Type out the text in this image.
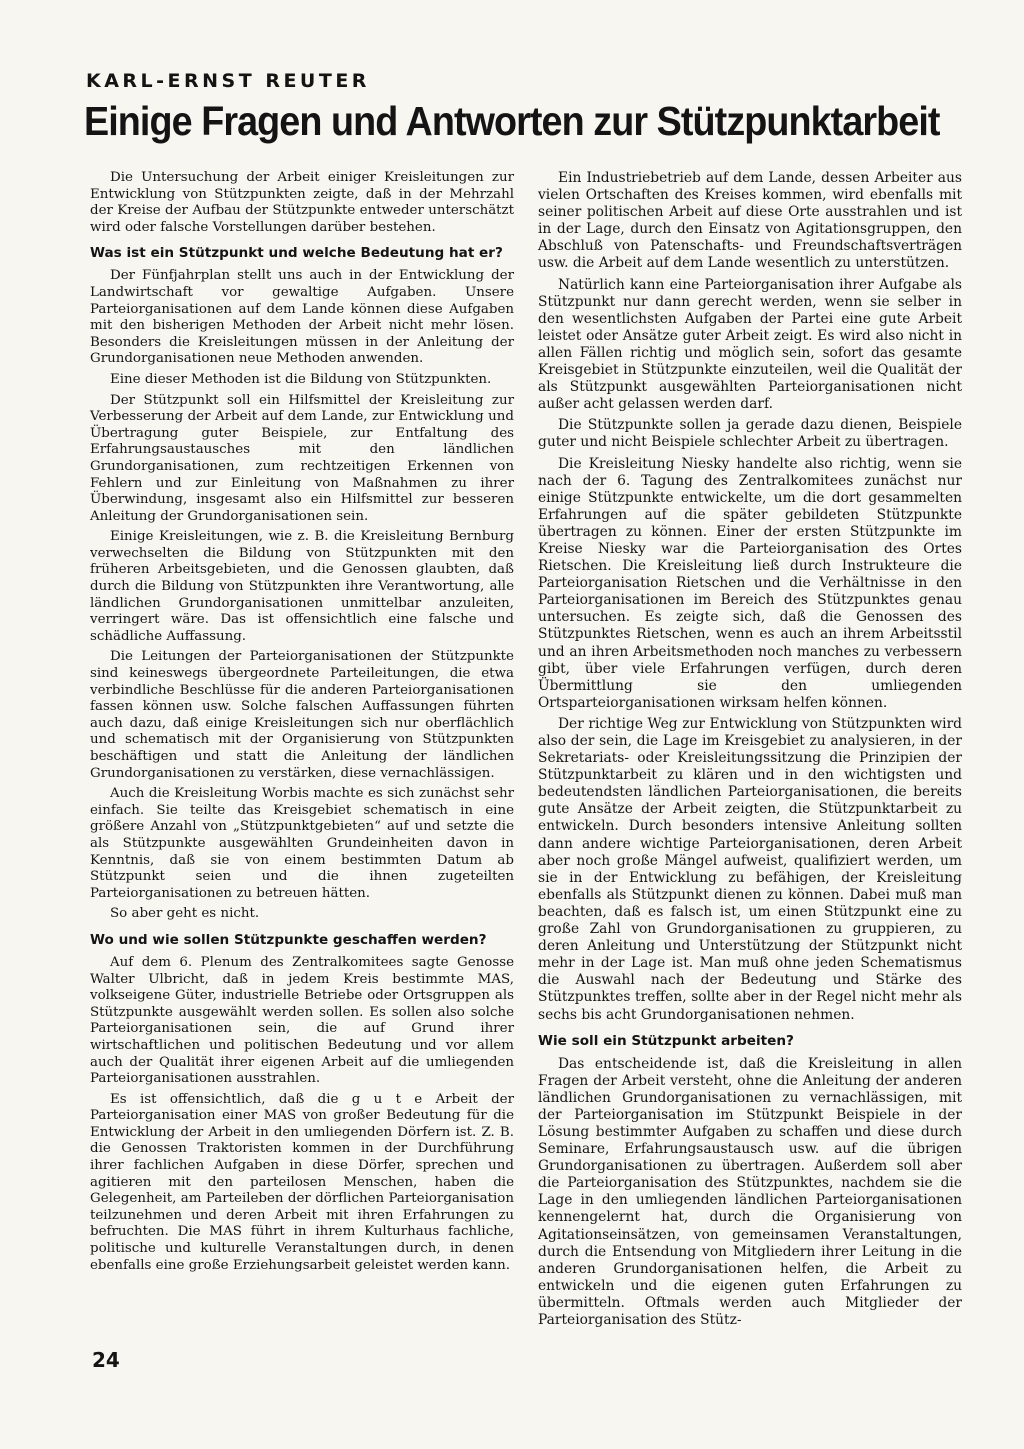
KARL-ERNST REUTER

Einige Fragen und Antworten zur Stützpunktarbeit

Die Untersuchung der Arbeit einiger Kreisleitungen zur Entwicklung von Stützpunkten zeigte, daß in der Mehrzahl der Kreise der Aufbau der Stützpunkte entweder unterschätzt wird oder falsche Vorstellungen darüber bestehen.

Was ist ein Stützpunkt und welche Bedeutung hat er?

Der Fünfjahrplan stellt uns auch in der Entwicklung der Landwirtschaft vor gewaltige Aufgaben. Unsere Parteiorganisationen auf dem Lande können diese Aufgaben mit den bisherigen Methoden der Arbeit nicht mehr lösen. Besonders die Kreisleitungen müssen in der Anleitung der Grundorganisationen neue Methoden anwenden.

Eine dieser Methoden ist die Bildung von Stützpunkten.

Der Stützpunkt soll ein Hilfsmittel der Kreisleitung zur Verbesserung der Arbeit auf dem Lande, zur Entwicklung und Übertragung guter Beispiele, zur Entfaltung des Erfahrungsaustausches mit den ländlichen Grundorganisationen, zum rechtzeitigen Erkennen von Fehlern und zur Einleitung von Maßnahmen zu ihrer Überwindung, insgesamt also ein Hilfsmittel zur besseren Anleitung der Grundorganisationen sein.

Einige Kreisleitungen, wie z. B. die Kreisleitung Bernburg verwechselten die Bildung von Stützpunkten mit den früheren Arbeitsgebieten, und die Genossen glaubten, daß durch die Bildung von Stützpunkten ihre Verantwortung, alle ländlichen Grundorganisationen unmittelbar anzuleiten, verringert wäre. Das ist offensichtlich eine falsche und schädliche Auffassung.

Die Leitungen der Parteiorganisationen der Stützpunkte sind keineswegs übergeordnete Parteileitungen, die etwa verbindliche Beschlüsse für die anderen Parteiorganisationen fassen können usw. Solche falschen Auffassungen führten auch dazu, daß einige Kreisleitungen sich nur oberflächlich und schematisch mit der Organisierung von Stützpunkten beschäftigen und statt die Anleitung der ländlichen Grundorganisationen zu verstärken, diese vernachlässigen.

Auch die Kreisleitung Worbis machte es sich zunächst sehr einfach. Sie teilte das Kreisgebiet schematisch in eine größere Anzahl von „Stützpunktgebieten“ auf und setzte die als Stützpunkte ausgewählten Grundeinheiten davon in Kenntnis, daß sie von einem bestimmten Datum ab Stützpunkt seien und die ihnen zugeteilten Parteiorganisationen zu betreuen hätten.

So aber geht es nicht.

Wo und wie sollen Stützpunkte geschaffen werden?

Auf dem 6. Plenum des Zentralkomitees sagte Genosse Walter Ulbricht, daß in jedem Kreis bestimmte MAS, volkseigene Güter, industrielle Betriebe oder Ortsgruppen als Stützpunkte ausgewählt werden sollen. Es sollen also solche Parteiorganisationen sein, die auf Grund ihrer wirtschaftlichen und politischen Bedeutung und vor allem auch der Qualität ihrer eigenen Arbeit auf die umliegenden Parteiorganisationen ausstrahlen.

Es ist offensichtlich, daß die g u t e Arbeit der Parteiorganisation einer MAS von großer Bedeutung für die Entwicklung der Arbeit in den umliegenden Dörfern ist. Z. B. die Genossen Traktoristen kommen in der Durchführung ihrer fachlichen Aufgaben in diese Dörfer, sprechen und agitieren mit den parteilosen Menschen, haben die Gelegenheit, am Parteileben der dörflichen Parteiorganisation teilzunehmen und deren Arbeit mit ihren Erfahrungen zu befruchten. Die MAS führt in ihrem Kulturhaus fachliche, politische und kulturelle Veranstaltungen durch, in denen ebenfalls eine große Erziehungsarbeit geleistet werden kann.

Ein Industriebetrieb auf dem Lande, dessen Arbeiter aus vielen Ortschaften des Kreises kommen, wird ebenfalls mit seiner politischen Arbeit auf diese Orte ausstrahlen und ist in der Lage, durch den Einsatz von Agitationsgruppen, den Abschluß von Patenschafts- und Freundschaftsverträgen usw. die Arbeit auf dem Lande wesentlich zu unterstützen.

Natürlich kann eine Parteiorganisation ihrer Aufgabe als Stützpunkt nur dann gerecht werden, wenn sie selber in den wesentlichsten Aufgaben der Partei eine gute Arbeit leistet oder Ansätze guter Arbeit zeigt. Es wird also nicht in allen Fällen richtig und möglich sein, sofort das gesamte Kreisgebiet in Stützpunkte einzuteilen, weil die Qualität der als Stützpunkt ausgewählten Parteiorganisationen nicht außer acht gelassen werden darf.

Die Stützpunkte sollen ja gerade dazu dienen, Beispiele guter und nicht Beispiele schlechter Arbeit zu übertragen.

Die Kreisleitung Niesky handelte also richtig, wenn sie nach der 6. Tagung des Zentralkomitees zunächst nur einige Stützpunkte entwickelte, um die dort gesammelten Erfahrungen auf die später gebildeten Stützpunkte übertragen zu können. Einer der ersten Stützpunkte im Kreise Niesky war die Parteiorganisation des Ortes Rietschen. Die Kreisleitung ließ durch Instrukteure die Parteiorganisation Rietschen und die Verhältnisse in den Parteiorganisationen im Bereich des Stützpunktes genau untersuchen. Es zeigte sich, daß die Genossen des Stützpunktes Rietschen, wenn es auch an ihrem Arbeitsstil und an ihren Arbeitsmethoden noch manches zu verbessern gibt, über viele Erfahrungen verfügen, durch deren Übermittlung sie den umliegenden Ortsparteiorganisationen wirksam helfen können.

Der richtige Weg zur Entwicklung von Stützpunkten wird also der sein, die Lage im Kreisgebiet zu analysieren, in der Sekretariats- oder Kreisleitungssitzung die Prinzipien der Stützpunktarbeit zu klären und in den wichtigsten und bedeutendsten ländlichen Parteiorganisationen, die bereits gute Ansätze der Arbeit zeigten, die Stützpunktarbeit zu entwickeln. Durch besonders intensive Anleitung sollten dann andere wichtige Parteiorganisationen, deren Arbeit aber noch große Mängel aufweist, qualifiziert werden, um sie in der Entwicklung zu befähigen, der Kreisleitung ebenfalls als Stützpunkt dienen zu können. Dabei muß man beachten, daß es falsch ist, um einen Stützpunkt eine zu große Zahl von Grundorganisationen zu gruppieren, zu deren Anleitung und Unterstützung der Stützpunkt nicht mehr in der Lage ist. Man muß ohne jeden Schematismus die Auswahl nach der Bedeutung und Stärke des Stützpunktes treffen, sollte aber in der Regel nicht mehr als sechs bis acht Grundorganisationen nehmen.

Wie soll ein Stützpunkt arbeiten?

Das entscheidende ist, daß die Kreisleitung in allen Fragen der Arbeit versteht, ohne die Anleitung der anderen ländlichen Grundorganisationen zu vernachlässigen, mit der Parteiorganisation im Stützpunkt Beispiele in der Lösung bestimmter Aufgaben zu schaffen und diese durch Seminare, Erfahrungsaustausch usw. auf die übrigen Grundorganisationen zu übertragen. Außerdem soll aber die Parteiorganisation des Stützpunktes, nachdem sie die Lage in den umliegenden ländlichen Parteiorganisationen kennengelernt hat, durch die Organisierung von Agitationseinsätzen, von gemeinsamen Veranstaltungen, durch die Entsendung von Mitgliedern ihrer Leitung in die anderen Grundorganisationen helfen, die Arbeit zu entwickeln und die eigenen guten Erfahrungen zu übermitteln. Oftmals werden auch Mitglieder der Parteiorganisation des Stütz-

24
